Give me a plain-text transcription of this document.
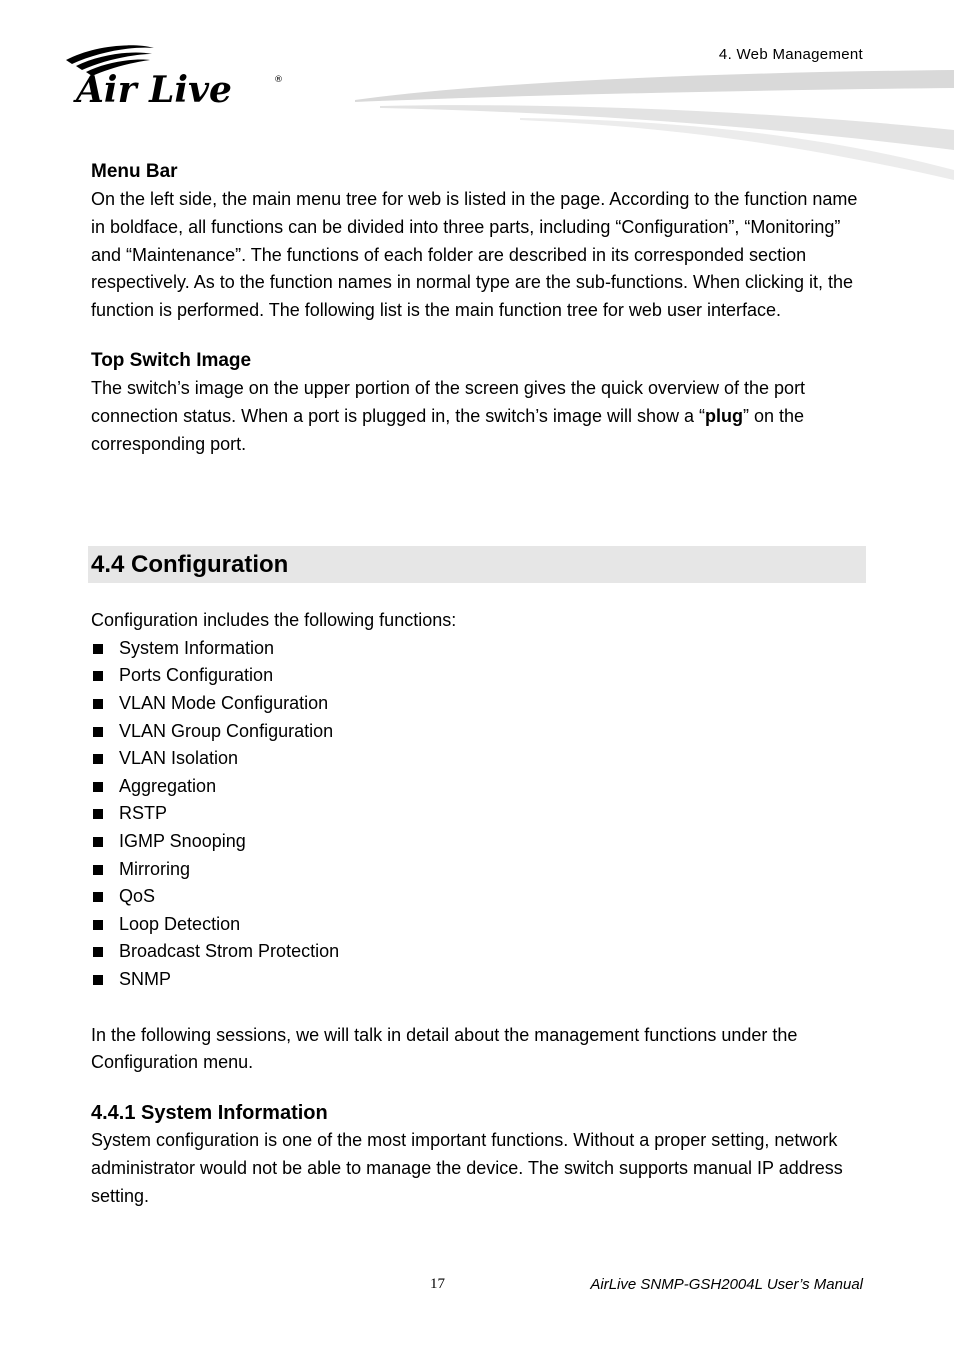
Air Live	®
4. Web Management
Menu Bar

On the left side, the main menu tree for web is listed in the page. According to the function name in boldface, all functions can be divided into three parts, including “Configuration”, “Monitoring” and “Maintenance”. The functions of each folder are described in its corresponded section respectively. As to the function names in normal type are the sub-functions. When clicking it, the function is performed. The following list is the main function tree for web user interface.

Top Switch Image

The switch’s image on the upper portion of the screen gives the quick overview of the port connection status. When a port is plugged in, the switch’s image will show a “plug” on the corresponding port.

4.4 Configuration

Configuration includes the following functions:

System Information
Ports Configuration
VLAN Mode Configuration
VLAN Group Configuration
VLAN Isolation
Aggregation
RSTP
IGMP Snooping
Mirroring
QoS
Loop Detection
Broadcast Strom Protection
SNMP

In the following sessions, we will talk in detail about the management functions under the Configuration menu.

4.4.1 System Information

System configuration is one of the most important functions. Without a proper setting, network administrator would not be able to manage the device. The switch supports manual IP address setting.

17	AirLive SNMP-GSH2004L User’s Manual
